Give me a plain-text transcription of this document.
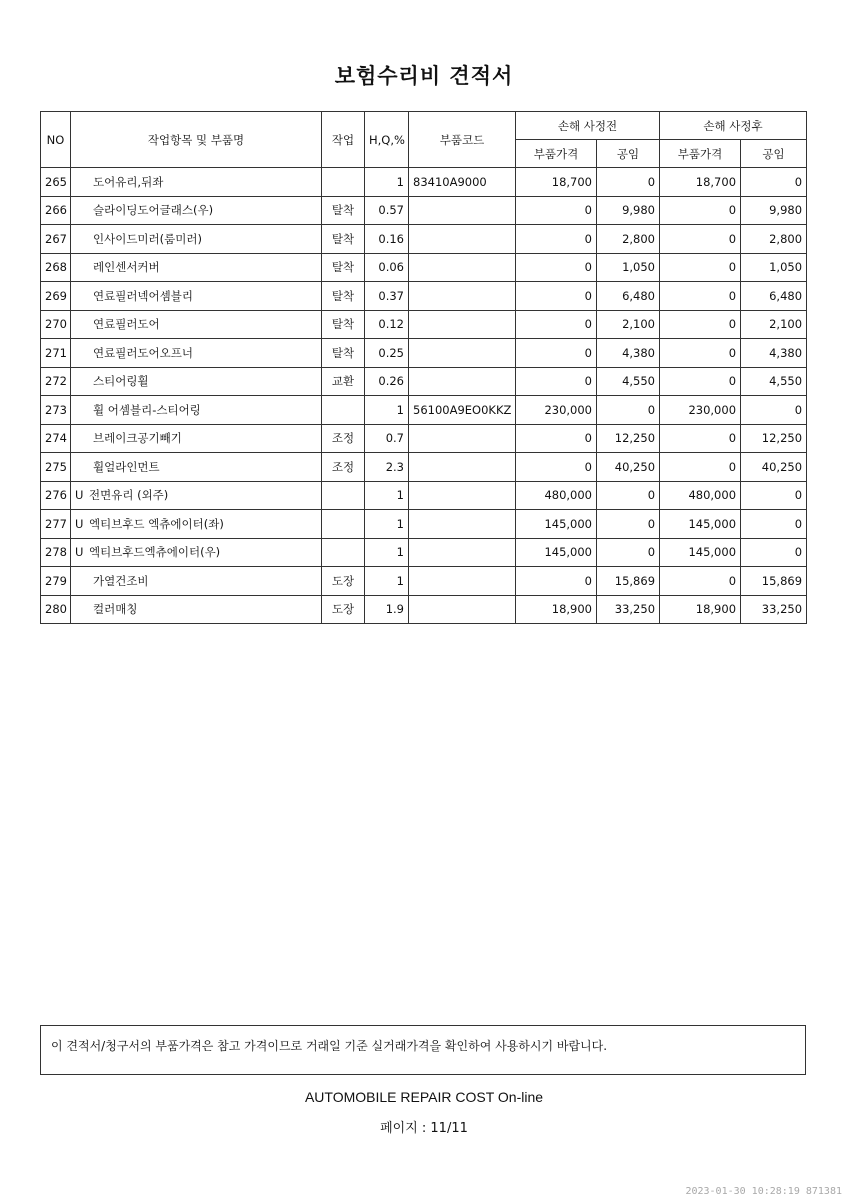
보험수리비 견적서
NO	작업항목 및 부품명	작업	H,Q,%	부품코드	손해 사정전		손해 사정후	
					부품가격	공임	부품가격	공임
265	도어유리,뒤좌		1	83410A9000	18,700	0	18,700	0
266	슬라이딩도어글래스(우)	탈착	0.57		0	9,980	0	9,980
267	인사이드미러(룸미러)	탈착	0.16		0	2,800	0	2,800
268	레인센서커버	탈착	0.06		0	1,050	0	1,050
269	연료필러넥어셈블리	탈착	0.37		0	6,480	0	6,480
270	연료필러도어	탈착	0.12		0	2,100	0	2,100
271	연료필러도어오프너	탈착	0.25		0	4,380	0	4,380
272	스티어링휠	교환	0.26		0	4,550	0	4,550
273	휠 어셈블리-스티어링		1	56100A9EO0KKZ	230,000	0	230,000	0
274	브레이크공기빼기	조정	0.7		0	12,250	0	12,250
275	휠얼라인먼트	조정	2.3		0	40,250	0	40,250
276	U 전면유리 (외주)		1		480,000	0	480,000	0
277	U 엑티브후드 엑츄에이터(좌)		1		145,000	0	145,000	0
278	U 엑티브후드엑츄에이터(우)		1		145,000	0	145,000	0
279	가열건조비	도장	1		0	15,869	0	15,869
280	컬러매칭	도장	1.9		18,900	33,250	18,900	33,250
이 견적서/청구서의 부품가격은 참고 가격이므로 거래일 기준 실거래가격을 확인하여 사용하시기 바랍니다.
AUTOMOBILE REPAIR COST On-line
페이지 : 11/11
2023-01-30 10:28:19 871381
